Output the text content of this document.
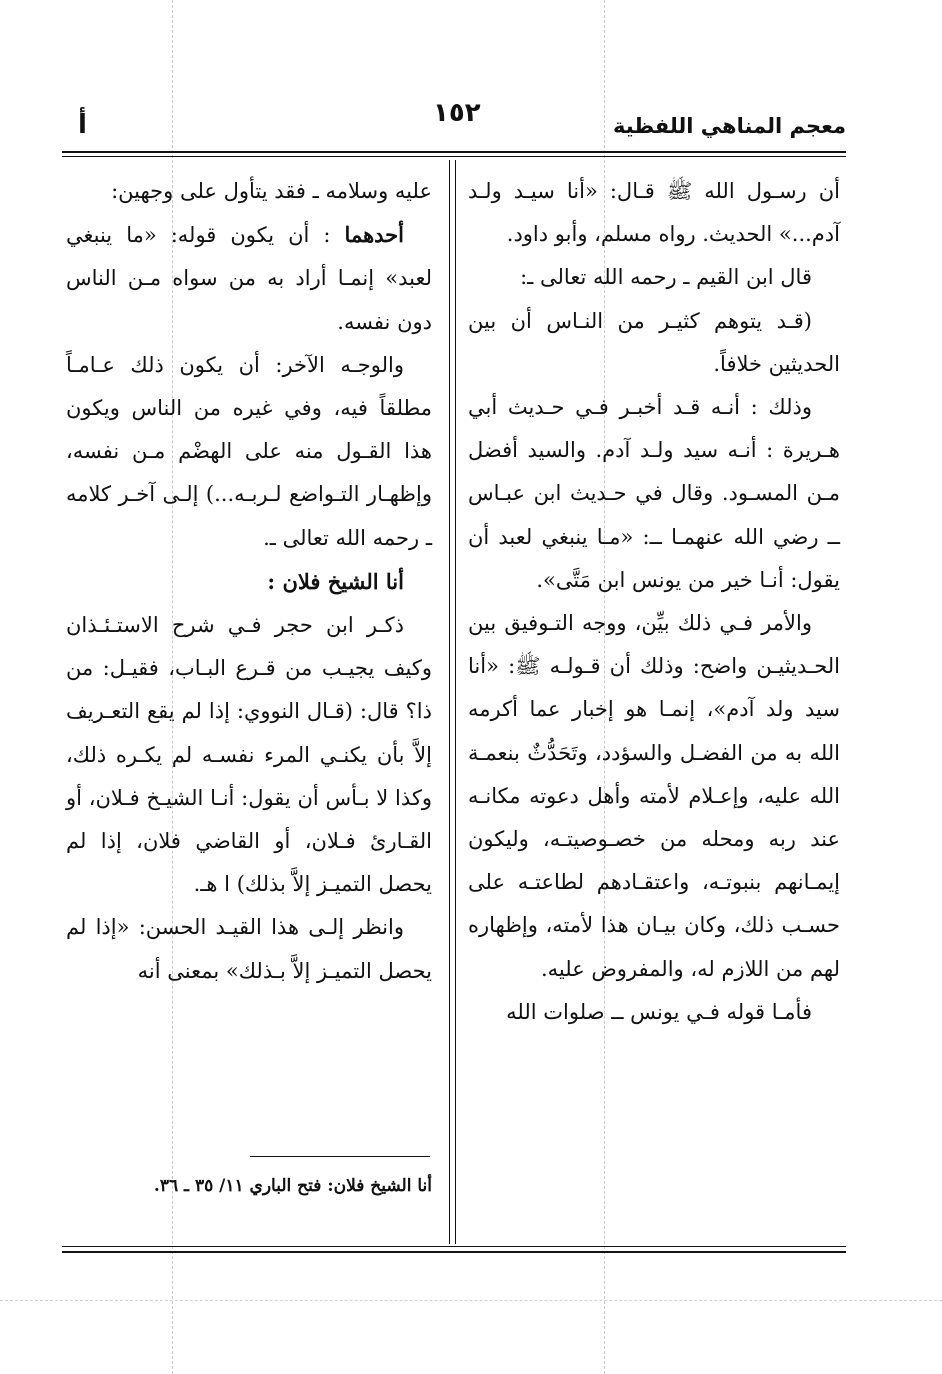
معجم المناهي اللفظية
١٥٢
أ

أن رسـول الله ﷺ قـال: «أنا سيـد ولـد آدم...» الحديث. رواه مسلم، وأبو داود.

قال ابن القيم ـ رحمه الله تعالى ـ:

(قـد يتوهم كثيـر من النـاس أن بين الحديثين خلافاً.

وذلك : أنـه قـد أخبـر فـي حـديث أبي هـريرة : أنـه سيد ولـد آدم. والسيد أفضل مـن المسـود. وقال في حـديث ابن عبـاس ــ رضي الله عنهمـا ــ: «مـا ينبغي لعبد أن يقول: أنـا خير من يونس ابن مَتَّى».

والأمر فـي ذلك بيِّن، ووجه التـوفيق بين الحـديثيـن واضح: وذلك أن قـولـه ﷺ: «أنا سيد ولد آدم»، إنمـا هو إخبار عما أكرمه الله به من الفضـل والسؤدد، وتَحَدُّثٌ بنعمـة الله عليه، وإعـلام لأمته وأهل دعوته مكانـه عند ربه ومحله من خصـوصيتـه، وليكون إيمـانهم بنبوتـه، واعتقـادهم لطاعتـه على حسـب ذلك، وكان بيـان هذا لأمته، وإظهاره لهم من اللازم له، والمفروض عليه.

فأمـا قوله فـي يونس ــ صلوات الله

عليه وسلامه ـ فقد يتأول على وجهين:

أحدهما : أن يكون قوله: «ما ينبغي لعبد» إنمـا أراد به من سواه مـن الناس دون نفسه.

والوجـه الآخر: أن يكون ذلك عـامـاً مطلقاً فيه، وفي غيره من الناس ويكون هذا القـول منه على الهضْم مـن نفسه، وإظهـار التـواضع لـربـه...) إلـى آخـر كلامه ـ رحمه الله تعالى ـ.

أنا الشيخ فلان :

ذكـر ابن حجر فـي شرح الاستـئـذان وكيف يجيـب من قـرع البـاب، فقيـل: من ذا؟ قال: (قـال النووي: إذا لم يقع التعـريف إلاَّ بأن يكنـي المرء نفسـه لم يكـره ذلك، وكذا لا بـأس أن يقول: أنـا الشيـخ فـلان، أو القـارئ فـلان، أو القاضي فلان، إذا لم يحصل التميـز إلاَّ بذلك) ا هـ.

وانظر إلـى هذا القيـد الحسن: «إذا لم يحصل التميـز إلاَّ بـذلك» بمعنى أنه

أنا الشيخ فلان: فتح الباري ١١/ ٣٥ ـ ٣٦.
